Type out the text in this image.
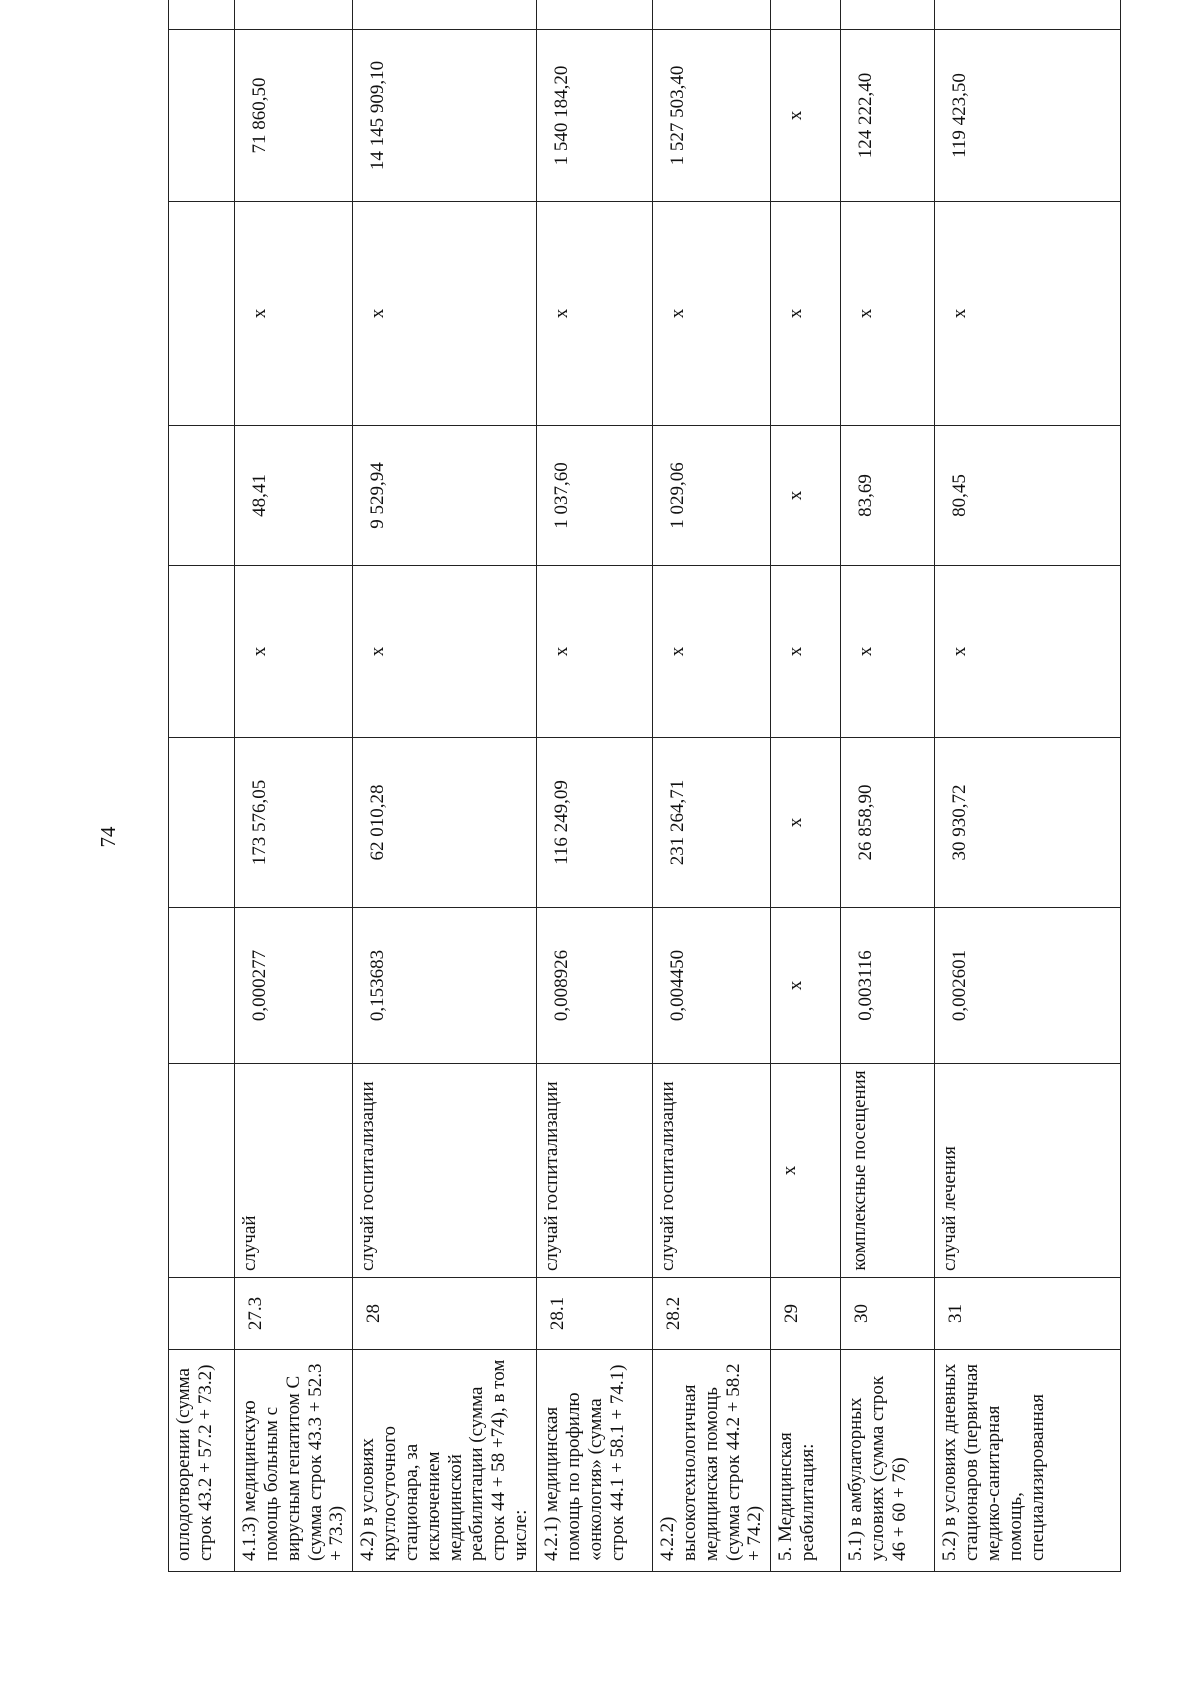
74
оплодотворении (сумма строк 43.2 + 57.2 + 73.2)									
4.1.3) медицинскую помощь больным с вирусным гепатитом С (сумма строк 43.3 + 52.3 + 73.3)	27.3	случай	0,000277	173 576,05	x	48,41	x	71 860,50	
4.2) в условиях круглосуточного стационара, за исключением медицинской реабилитации (сумма строк 44 + 58 +74), в том числе:	28	случай госпитализации	0,153683	62 010,28	x	9 529,94	x	14 145 909,10	
4.2.1) медицинская помощь по профилю «онкология» (сумма строк 44.1 + 58.1 + 74.1)	28.1	случай госпитализации	0,008926	116 249,09	x	1 037,60	x	1 540 184,20	
4.2.2) высокотехнологичная медицинская помощь (сумма строк 44.2 + 58.2 + 74.2)	28.2	случай госпитализации	0,004450	231 264,71	x	1 029,06	x	1 527 503,40	
5. Медицинская реабилитация:	29	x	x	x	x	x	x	x	
5.1) в амбулаторных условиях (сумма строк 46 + 60 + 76)	30	комплексные посещения	0,003116	26 858,90	x	83,69	x	124 222,40	
5.2) в условиях дневных стационаров (первичная медико-санитарная помощь, специализированная	31	случай лечения	0,002601	30 930,72	x	80,45	x	119 423,50	
